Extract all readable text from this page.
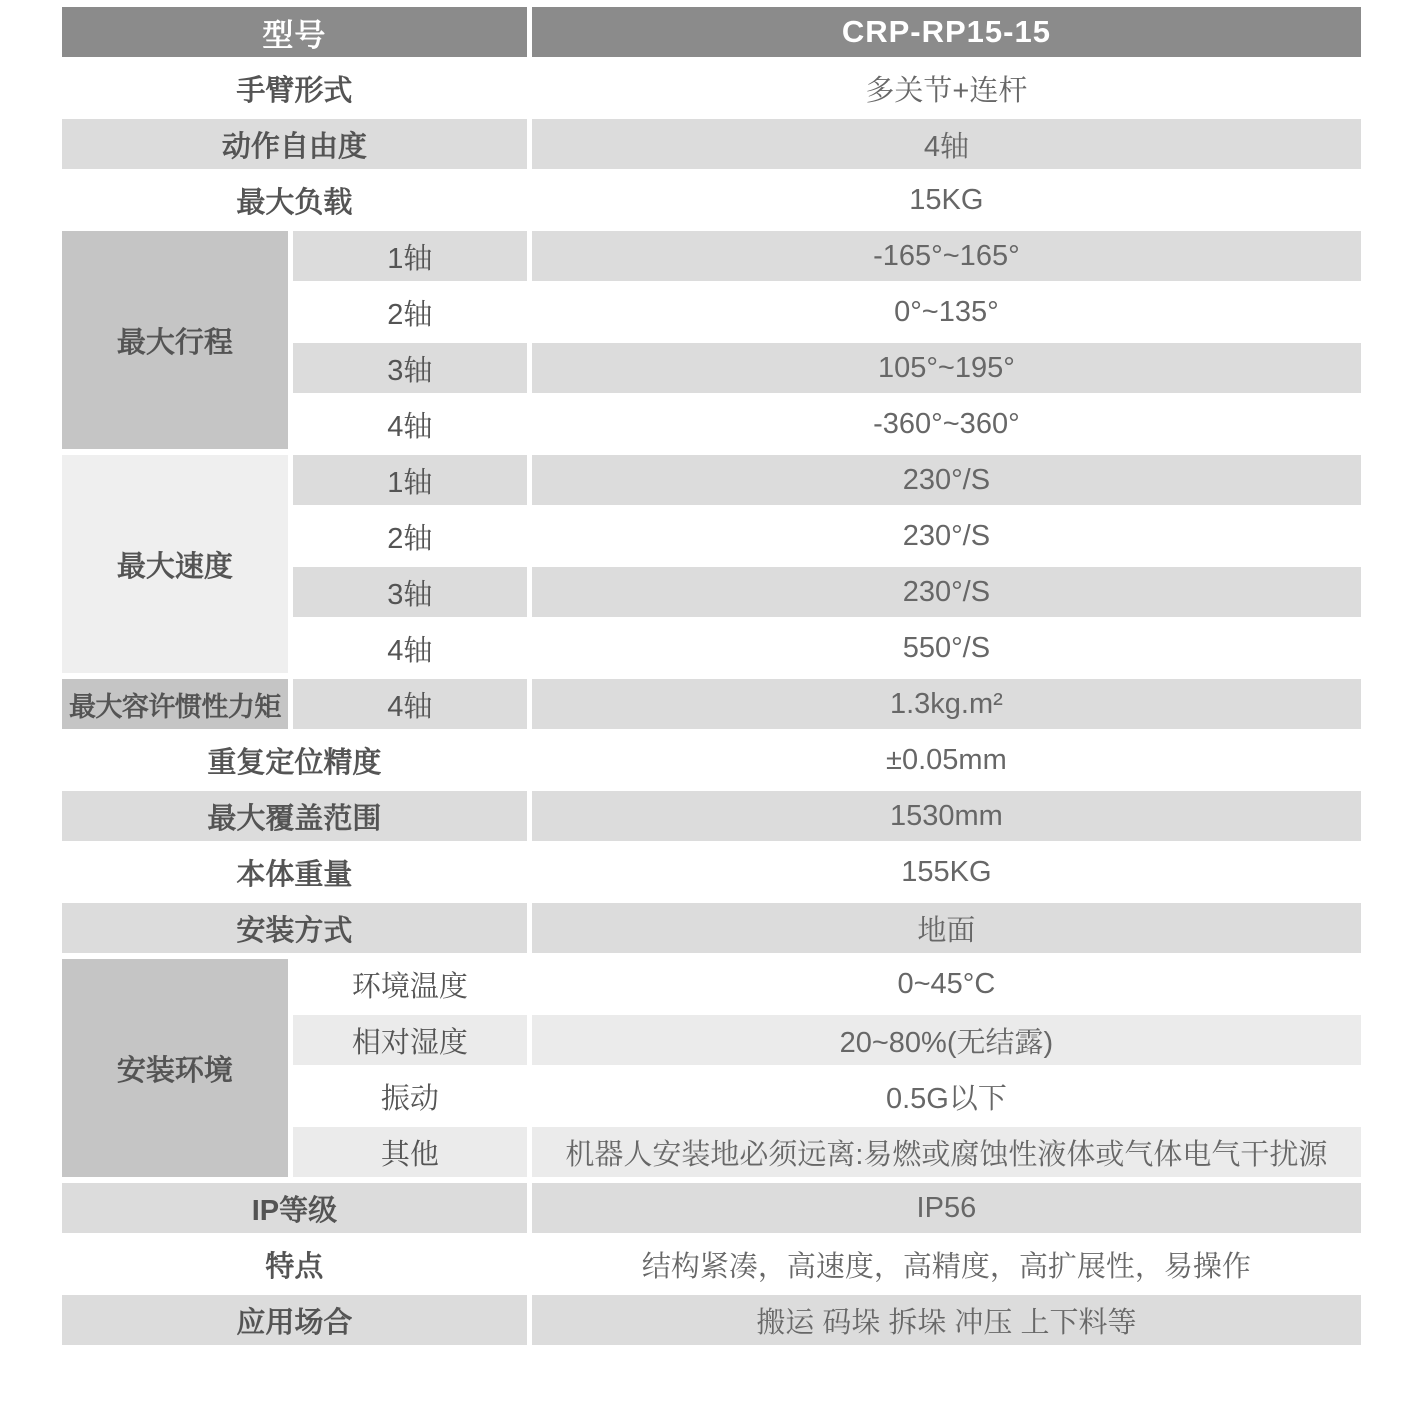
型号		CRP-RP15-15
手臂形式		多关节+连杆
动作自由度		4轴
最大负载		15KG
最大行程	1轴	-165°~165°
	2轴	0°~135°
	3轴	105°~195°
	4轴	-360°~360°
最大速度	1轴	230°/S
	2轴	230°/S
	3轴	230°/S
	4轴	550°/S
最大容许惯性力矩	4轴	1.3kg.m²
重复定位精度		±0.05mm
最大覆盖范围		1530mm
本体重量		155KG
安装方式		地面
安装环境	环境温度	0~45°C
	相对湿度	20~80%(无结露)
	振动	0.5G以下
	其他	机器人安装地必须远离:易燃或腐蚀性液体或气体电气干扰源
IP等级		IP56
特点		结构紧凑，高速度，高精度，高扩展性，易操作
应用场合		搬运 码垛 拆垛 冲压 上下料等
